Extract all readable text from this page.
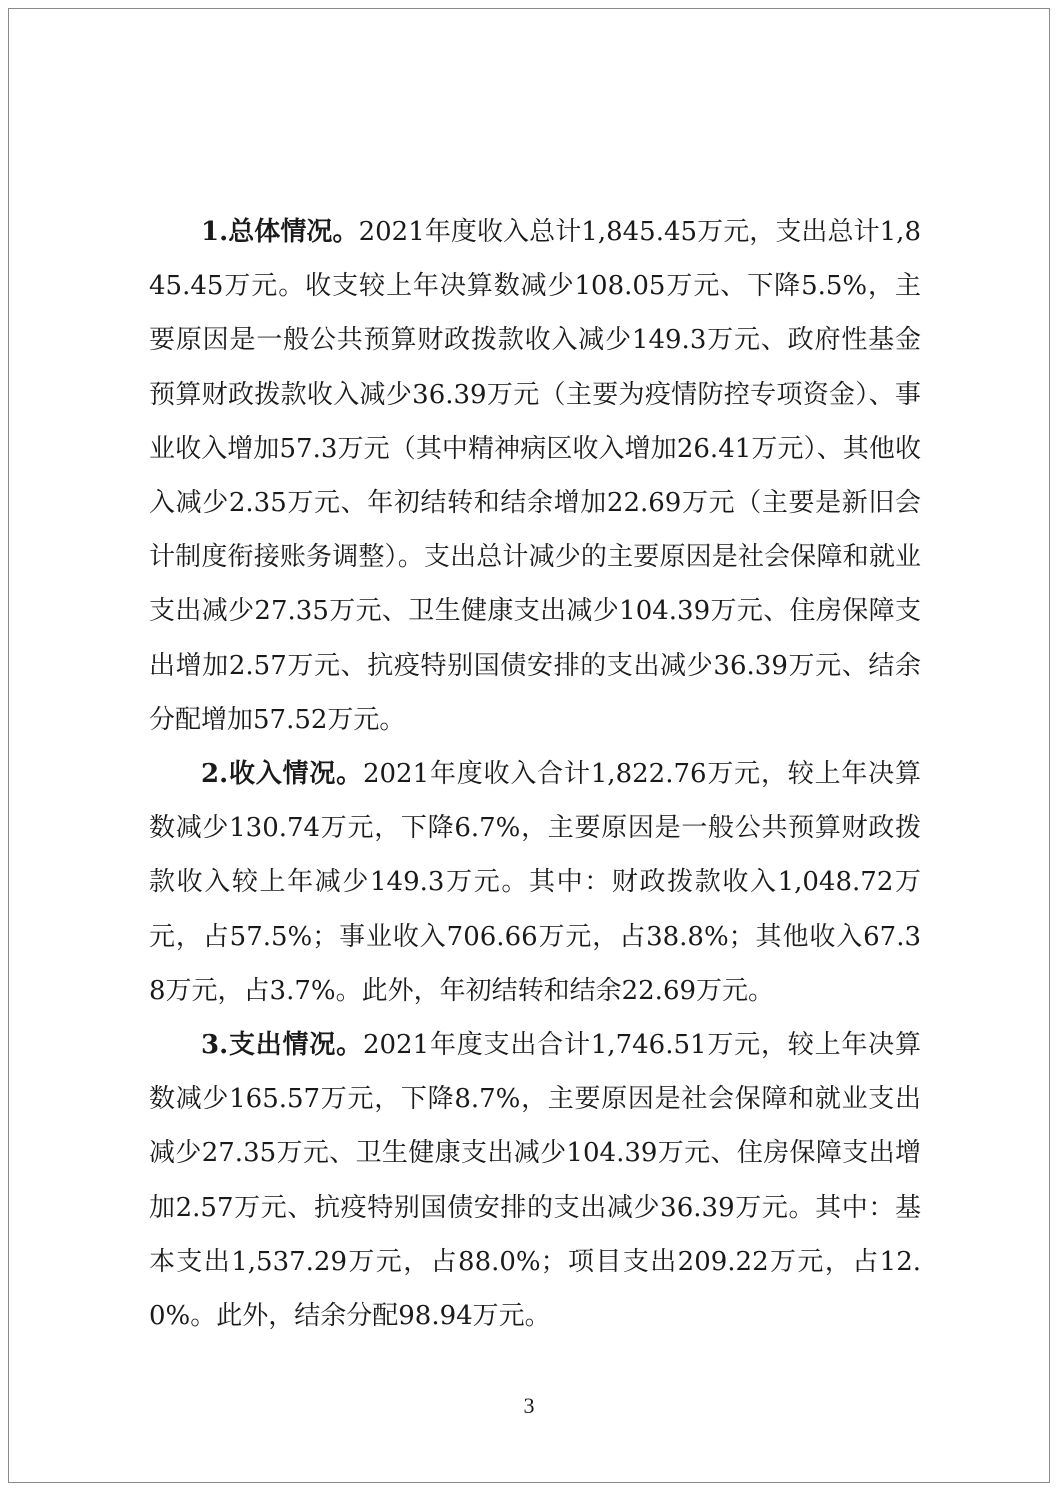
1.总体情况。2021年度收入总计1,845.45万元，支出总计1,845.45万元。收支较上年决算数减少108.05万元、下降5.5%，主要原因是一般公共预算财政拨款收入减少149.3万元、政府性基金预算财政拨款收入减少36.39万元（主要为疫情防控专项资金）、事业收入增加57.3万元（其中精神病区收入增加26.41万元）、其他收入减少2.35万元、年初结转和结余增加22.69万元（主要是新旧会计制度衔接账务调整）。支出总计减少的主要原因是社会保障和就业支出减少27.35万元、卫生健康支出减少104.39万元、住房保障支出增加2.57万元、抗疫特别国债安排的支出减少36.39万元、结余分配增加57.52万元。

2.收入情况。2021年度收入合计1,822.76万元，较上年决算数减少130.74万元，下降6.7%，主要原因是一般公共预算财政拨款收入较上年减少149.3万元。其中：财政拨款收入1,048.72万元，占57.5%；事业收入706.66万元，占38.8%；其他收入67.38万元，占3.7%。此外，年初结转和结余22.69万元。

3.支出情况。2021年度支出合计1,746.51万元，较上年决算数减少165.57万元，下降8.7%，主要原因是社会保障和就业支出减少27.35万元、卫生健康支出减少104.39万元、住房保障支出增加2.57万元、抗疫特别国债安排的支出减少36.39万元。其中：基本支出1,537.29万元，占88.0%；项目支出209.22万元，占12.0%。此外，结余分配98.94万元。

3
